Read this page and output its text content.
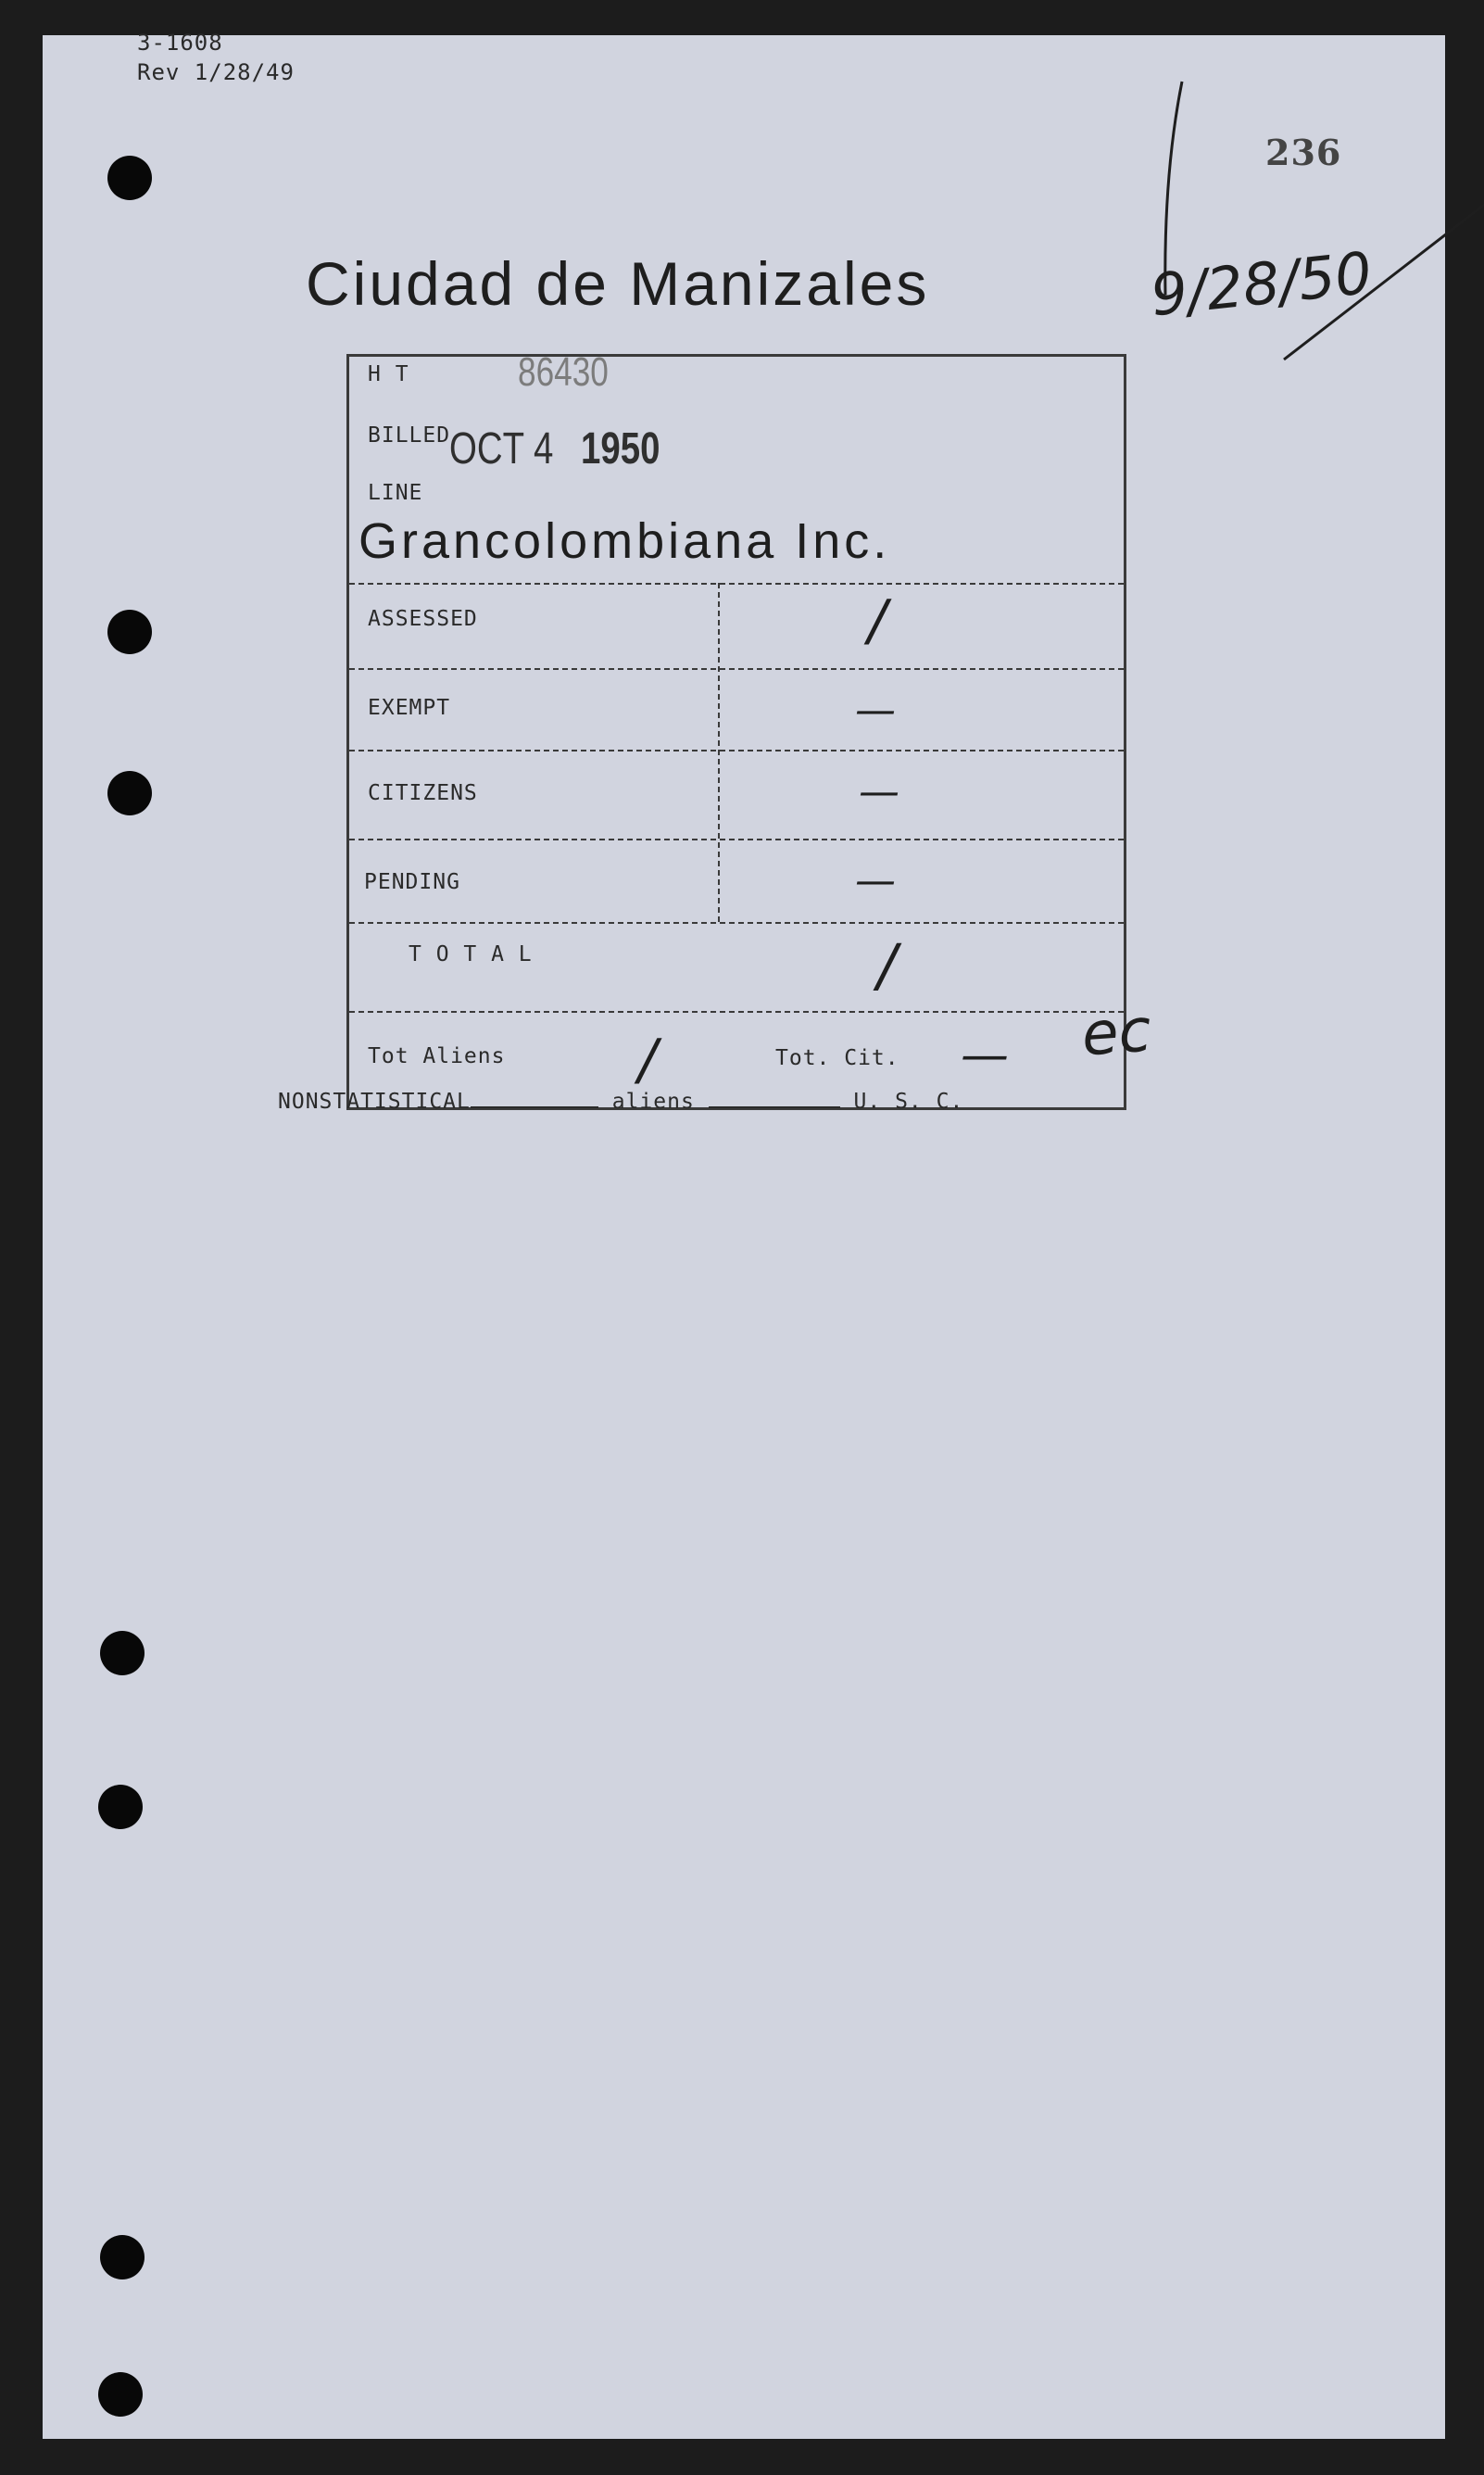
3-1608
Rev 1/28/49
236
9/28/50
Ciudad de Manizales
H T	86430
BILLED
OCT 4 1950
LINE
Grancolombiana Inc.
ASSESSED	/
EXEMPT	—
CITIZENS	—
PENDING	—
T O T A L	/
Tot Aliens /	Tot. Cit. — ec
NONSTATISTICAL	aliens	U. S. C.
